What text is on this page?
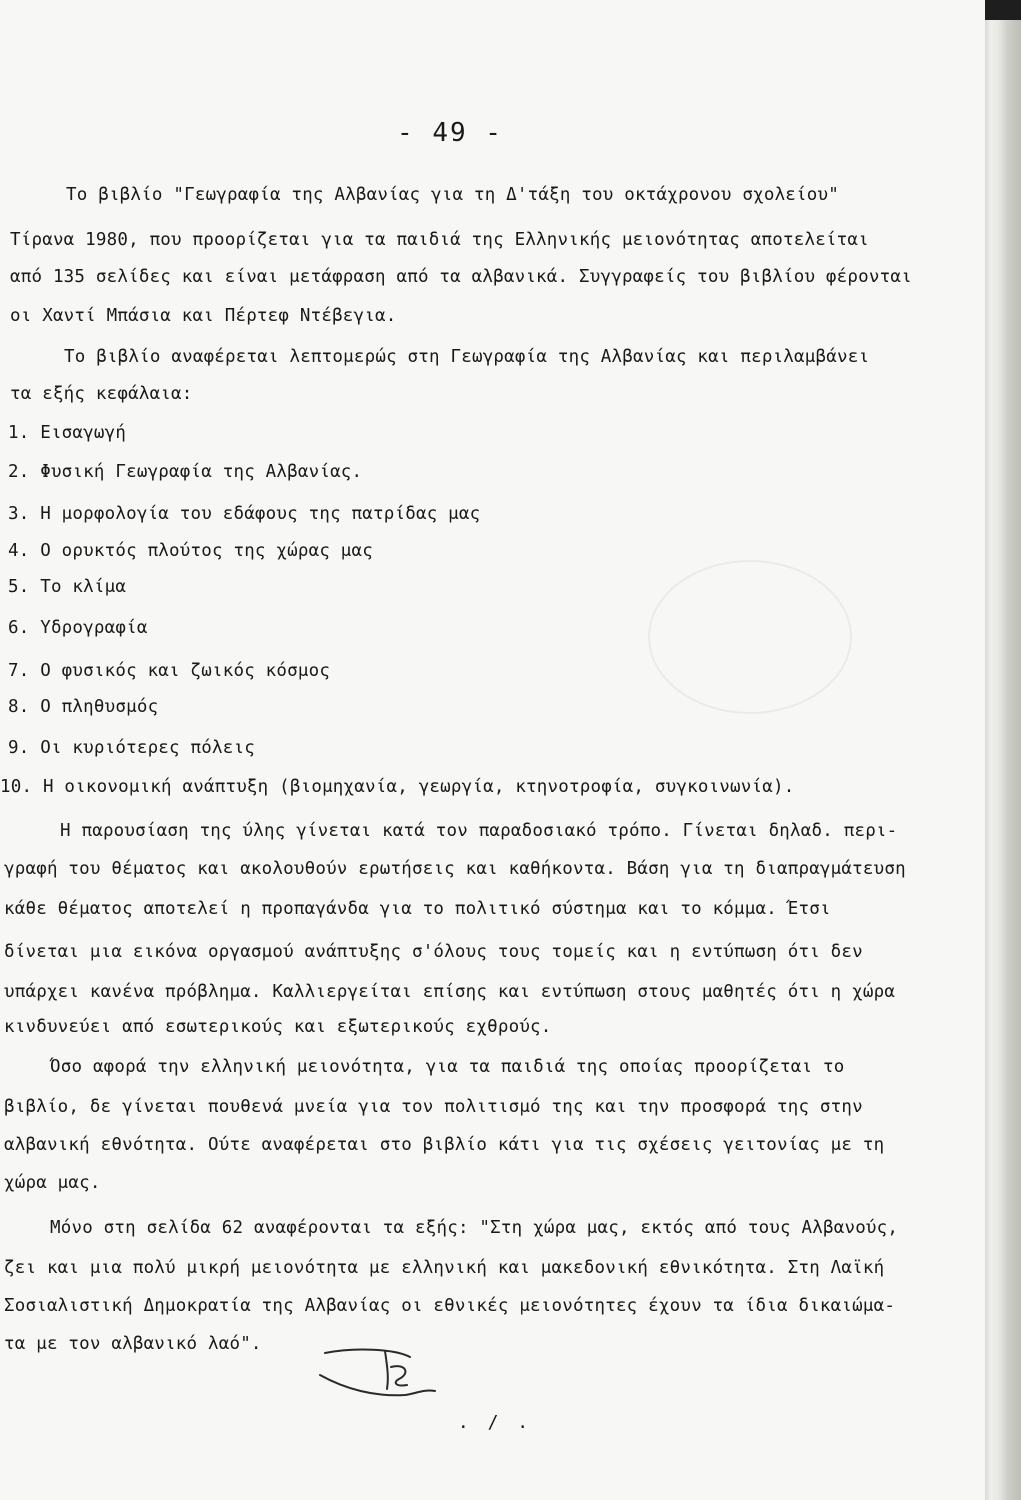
- 49 -
Το βιβλίο "Γεωγραφία της Αλβανίας για τη Δ'τάξη του οκτάχρονου σχολείου"
Τίρανα 1980, που προορίζεται για τα παιδιά της Ελληνικής μειονότητας αποτελείται
από 135 σελίδες και είναι μετάφραση από τα αλβανικά. Συγγραφείς του βιβλίου φέρονται
οι Χαντί Μπάσια και Πέρτεφ Ντέβεγια.
Το βιβλίο αναφέρεται λεπτομερώς στη Γεωγραφία της Αλβανίας και περιλαμβάνει
τα εξής κεφάλαια:
1. Εισαγωγή
2. Φυσική Γεωγραφία της Αλβανίας.
3. Η μορφολογία του εδάφους της πατρίδας μας
4. Ο ορυκτός πλούτος της χώρας μας
5. Το κλίμα
6. Υδρογραφία
7. Ο φυσικός και ζωικός κόσμος
8. Ο πληθυσμός
9. Οι κυριότερες πόλεις
10. Η οικονομική ανάπτυξη (βιομηχανία, γεωργία, κτηνοτροφία, συγκοινωνία).
Η παρουσίαση της ύλης γίνεται κατά τον παραδοσιακό τρόπο. Γίνεται δηλαδ. περι-
γραφή του θέματος και ακολουθούν ερωτήσεις και καθήκοντα. Βάση για τη διαπραγμάτευση
κάθε θέματος αποτελεί η προπαγάνδα για το πολιτικό σύστημα και το κόμμα. Έτσι
δίνεται μια εικόνα οργασμού ανάπτυξης σ'όλους τους τομείς και η εντύπωση ότι δεν
υπάρχει κανένα πρόβλημα. Καλλιεργείται επίσης και εντύπωση στους μαθητές ότι η χώρα
κινδυνεύει από εσωτερικούς και εξωτερικούς εχθρούς.
Όσο αφορά την ελληνική μειονότητα, για τα παιδιά της οποίας προορίζεται το
βιβλίο, δε γίνεται πουθενά μνεία για τον πολιτισμό της και την προσφορά της στην
αλβανική εθνότητα. Ούτε αναφέρεται στο βιβλίο κάτι για τις σχέσεις γειτονίας με τη
χώρα μας.
Μόνο στη σελίδα 62 αναφέρονται τα εξής: "Στη χώρα μας, εκτός από τους Αλβανούς,
ζει και μια πολύ μικρή μειονότητα με ελληνική και μακεδονική εθνικότητα. Στη Λαϊκή
Σοσιαλιστική Δημοκρατία της Αλβανίας οι εθνικές μειονότητες έχουν τα ίδια δικαιώμα-
τα με τον αλβανικό λαό".
. / .
